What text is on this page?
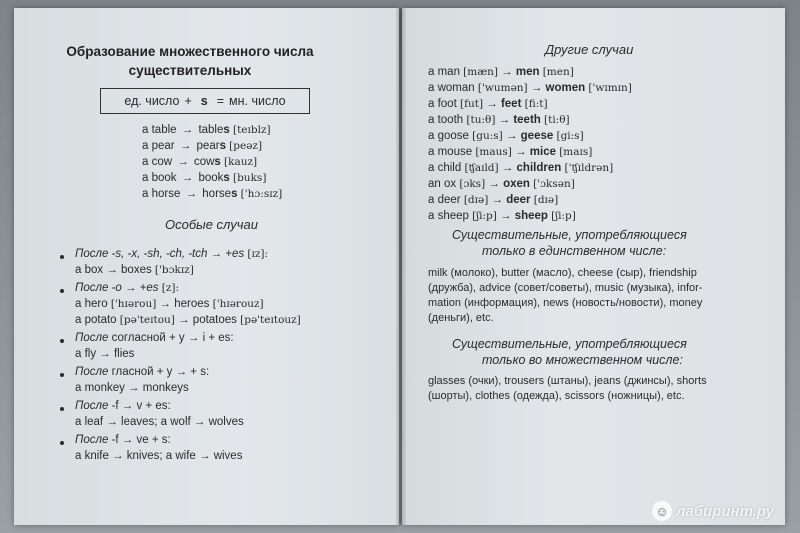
Образование множественного числа
существительных
ед. число + s = мн. число
a table → tables [teɪblz]
a pear → pears [peəz]
a cow → cows [kauz]
a book → books [buks]
a horse → horses ['hɔ:sɪz]
Особые случаи
После -s, -x, -sh, -ch, -tch → +es [ɪz]:
a box → boxes ['bɔkɪz]
После -o → +es [z]:
a hero ['hɪərou] → heroes ['hɪərouz]
a potato [pə'teɪtou] → potatoes [pə'teɪtouz]
После согласной + y → i + es:
a fly → flies
После гласной + y → + s:
a monkey → monkeys
После -f → v + es:
a leaf → leaves; a wolf → wolves
После -f → ve + s:
a knife → knives; a wife → wives
Другие случаи
a man [mæn] → men [men]
a woman ['wumən] → women ['wɪmɪn]
a foot [fut] → feet [fi:t]
a tooth [tu:θ] → teeth [ti:θ]
a goose [gu:s] → geese [gi:s]
a mouse [maus] → mice [maɪs]
a child [ʧaɪld] → children ['ʧɪldrən]
an ox [ɔks] → oxen ['ɔksən]
a deer [dɪə] → deer [dɪə]
a sheep [ʃi:p] → sheep [ʃi:p]
Существительные, употребляющиеся
только в единственном числе:
milk (молоко), butter (масло), cheese (сыр), friendship
(дружба), advice (совет/советы), music (музыка), infor-
mation (информация), news (новость/новости), money
(деньги), etc.
Существительные, употребляющиеся
только во множественном числе:
glasses (очки), trousers (штаны), jeans (джинсы), shorts
(шорты), clothes (одежда), scissors (ножницы), etc.
☺ лабиринт.ру
